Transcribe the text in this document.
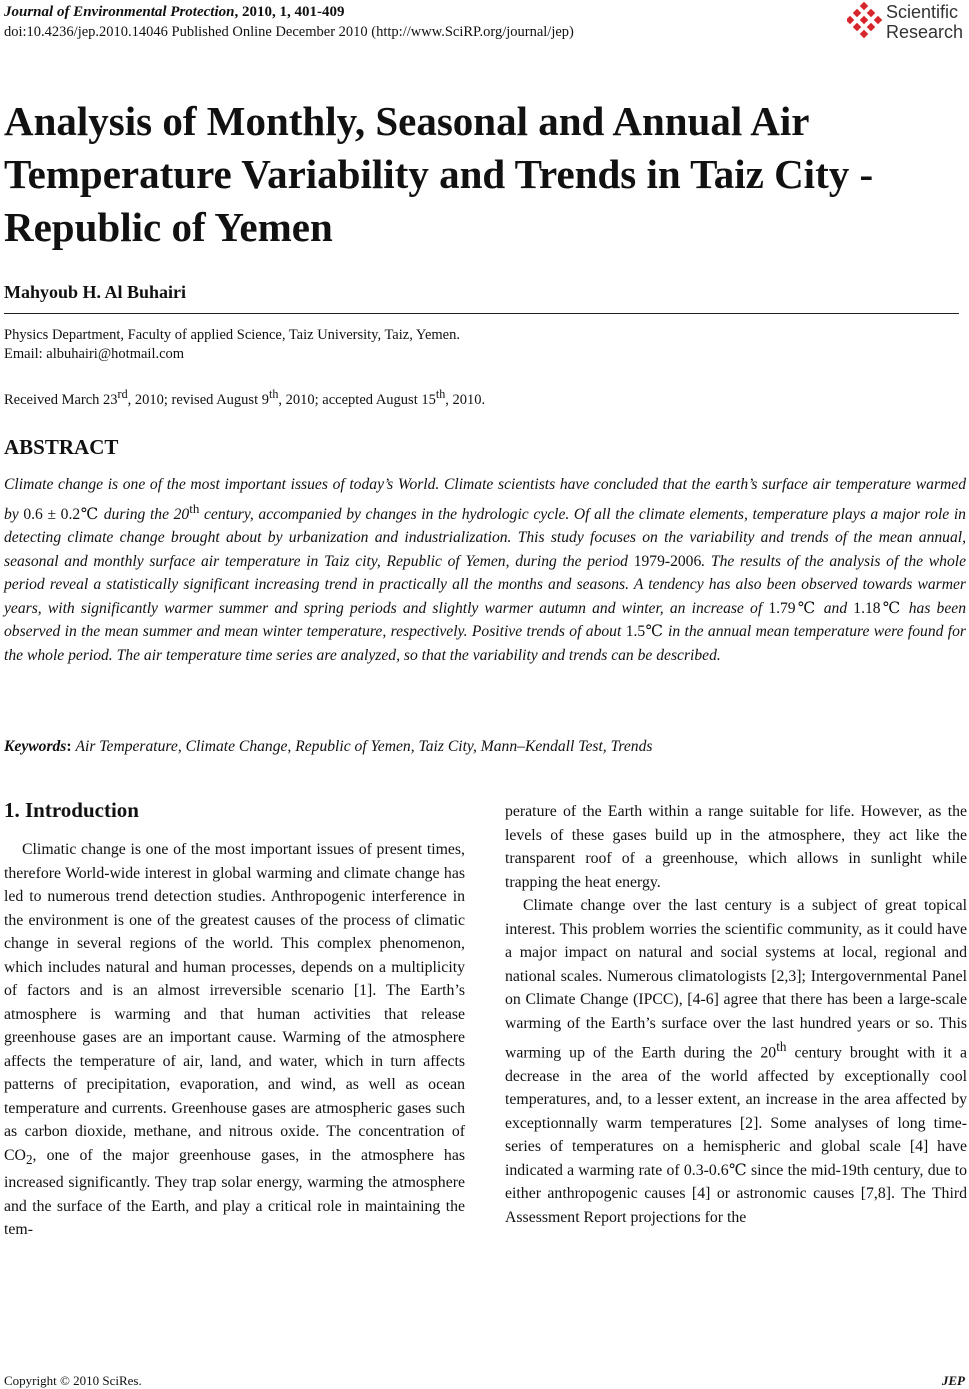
Journal of Environmental Protection, 2010, 1, 401-409
doi:10.4236/jep.2010.14046 Published Online December 2010 (http://www.SciRP.org/journal/jep)
Scientific
Research
Analysis of Monthly, Seasonal and Annual Air Temperature Variability and Trends in Taiz City - Republic of Yemen
Mahyoub H. Al Buhairi
Physics Department, Faculty of applied Science, Taiz University, Taiz, Yemen.
Email: albuhairi@hotmail.com
Received March 23rd, 2010; revised August 9th, 2010; accepted August 15th, 2010.
ABSTRACT
Climate change is one of the most important issues of today’s World. Climate scientists have concluded that the earth’s surface air temperature warmed by 0.6 ± 0.2℃ during the 20th century, accompanied by changes in the hydrologic cycle. Of all the climate elements, temperature plays a major role in detecting climate change brought about by urbanization and industrialization. This study focuses on the variability and trends of the mean annual, seasonal and monthly surface air temperature in Taiz city, Republic of Yemen, during the period 1979-2006. The results of the analysis of the whole period reveal a statistically significant increasing trend in practically all the months and seasons. A tendency has also been observed towards warmer years, with significantly warmer summer and spring periods and slightly warmer autumn and winter, an increase of 1.79℃ and 1.18℃ has been observed in the mean summer and mean winter temperature, respectively. Positive trends of about 1.5℃ in the annual mean temperature were found for the whole period. The air temperature time series are analyzed, so that the variability and trends can be described.
Keywords: Air Temperature, Climate Change, Republic of Yemen, Taiz City, Mann–Kendall Test, Trends
1. Introduction

Climatic change is one of the most important issues of present times, therefore World-wide interest in global warming and climate change has led to numerous trend detection studies. Anthropogenic interference in the environment is one of the greatest causes of the process of climatic change in several regions of the world. This complex phenomenon, which includes natural and human processes, depends on a multiplicity of factors and is an almost irreversible scenario [1]. The Earth’s atmosphere is warming and that human activities that release greenhouse gases are an important cause. Warming of the atmosphere affects the temperature of air, land, and water, which in turn affects patterns of precipitation, evaporation, and wind, as well as ocean temperature and currents. Greenhouse gases are atmospheric gases such as carbon dioxide, methane, and nitrous oxide. The concentration of $CO_2$, one of the major greenhouse gases, in the atmosphere has increased significantly. They trap solar energy, warming the atmosphere and the surface of the Earth, and play a critical role in maintaining the tem-

perature of the Earth within a range suitable for life. However, as the levels of these gases build up in the atmosphere, they act like the transparent roof of a greenhouse, which allows in sunlight while trapping the heat energy.

Climate change over the last century is a subject of great topical interest. This problem worries the scientific community, as it could have a major impact on natural and social systems at local, regional and national scales. Numerous climatologists [2,3]; Intergovernmental Panel on Climate Change (IPCC), [4-6] agree that there has been a large-scale warming of the Earth’s surface over the last hundred years or so. This warming up of the Earth during the 20th century brought with it a decrease in the area of the world affected by exceptionally cool temperatures, and, to a lesser extent, an increase in the area affected by exceptionnally warm temperatures [2]. Some analyses of long time-series of temperatures on a hemispheric and global scale [4] have indicated a warming rate of 0.3-0.6℃ since the mid-19th century, due to either anthropogenic causes [4] or astronomic causes [7,8]. The Third Assessment Report projections for the

Copyright © 2010 SciRes.	JEP
